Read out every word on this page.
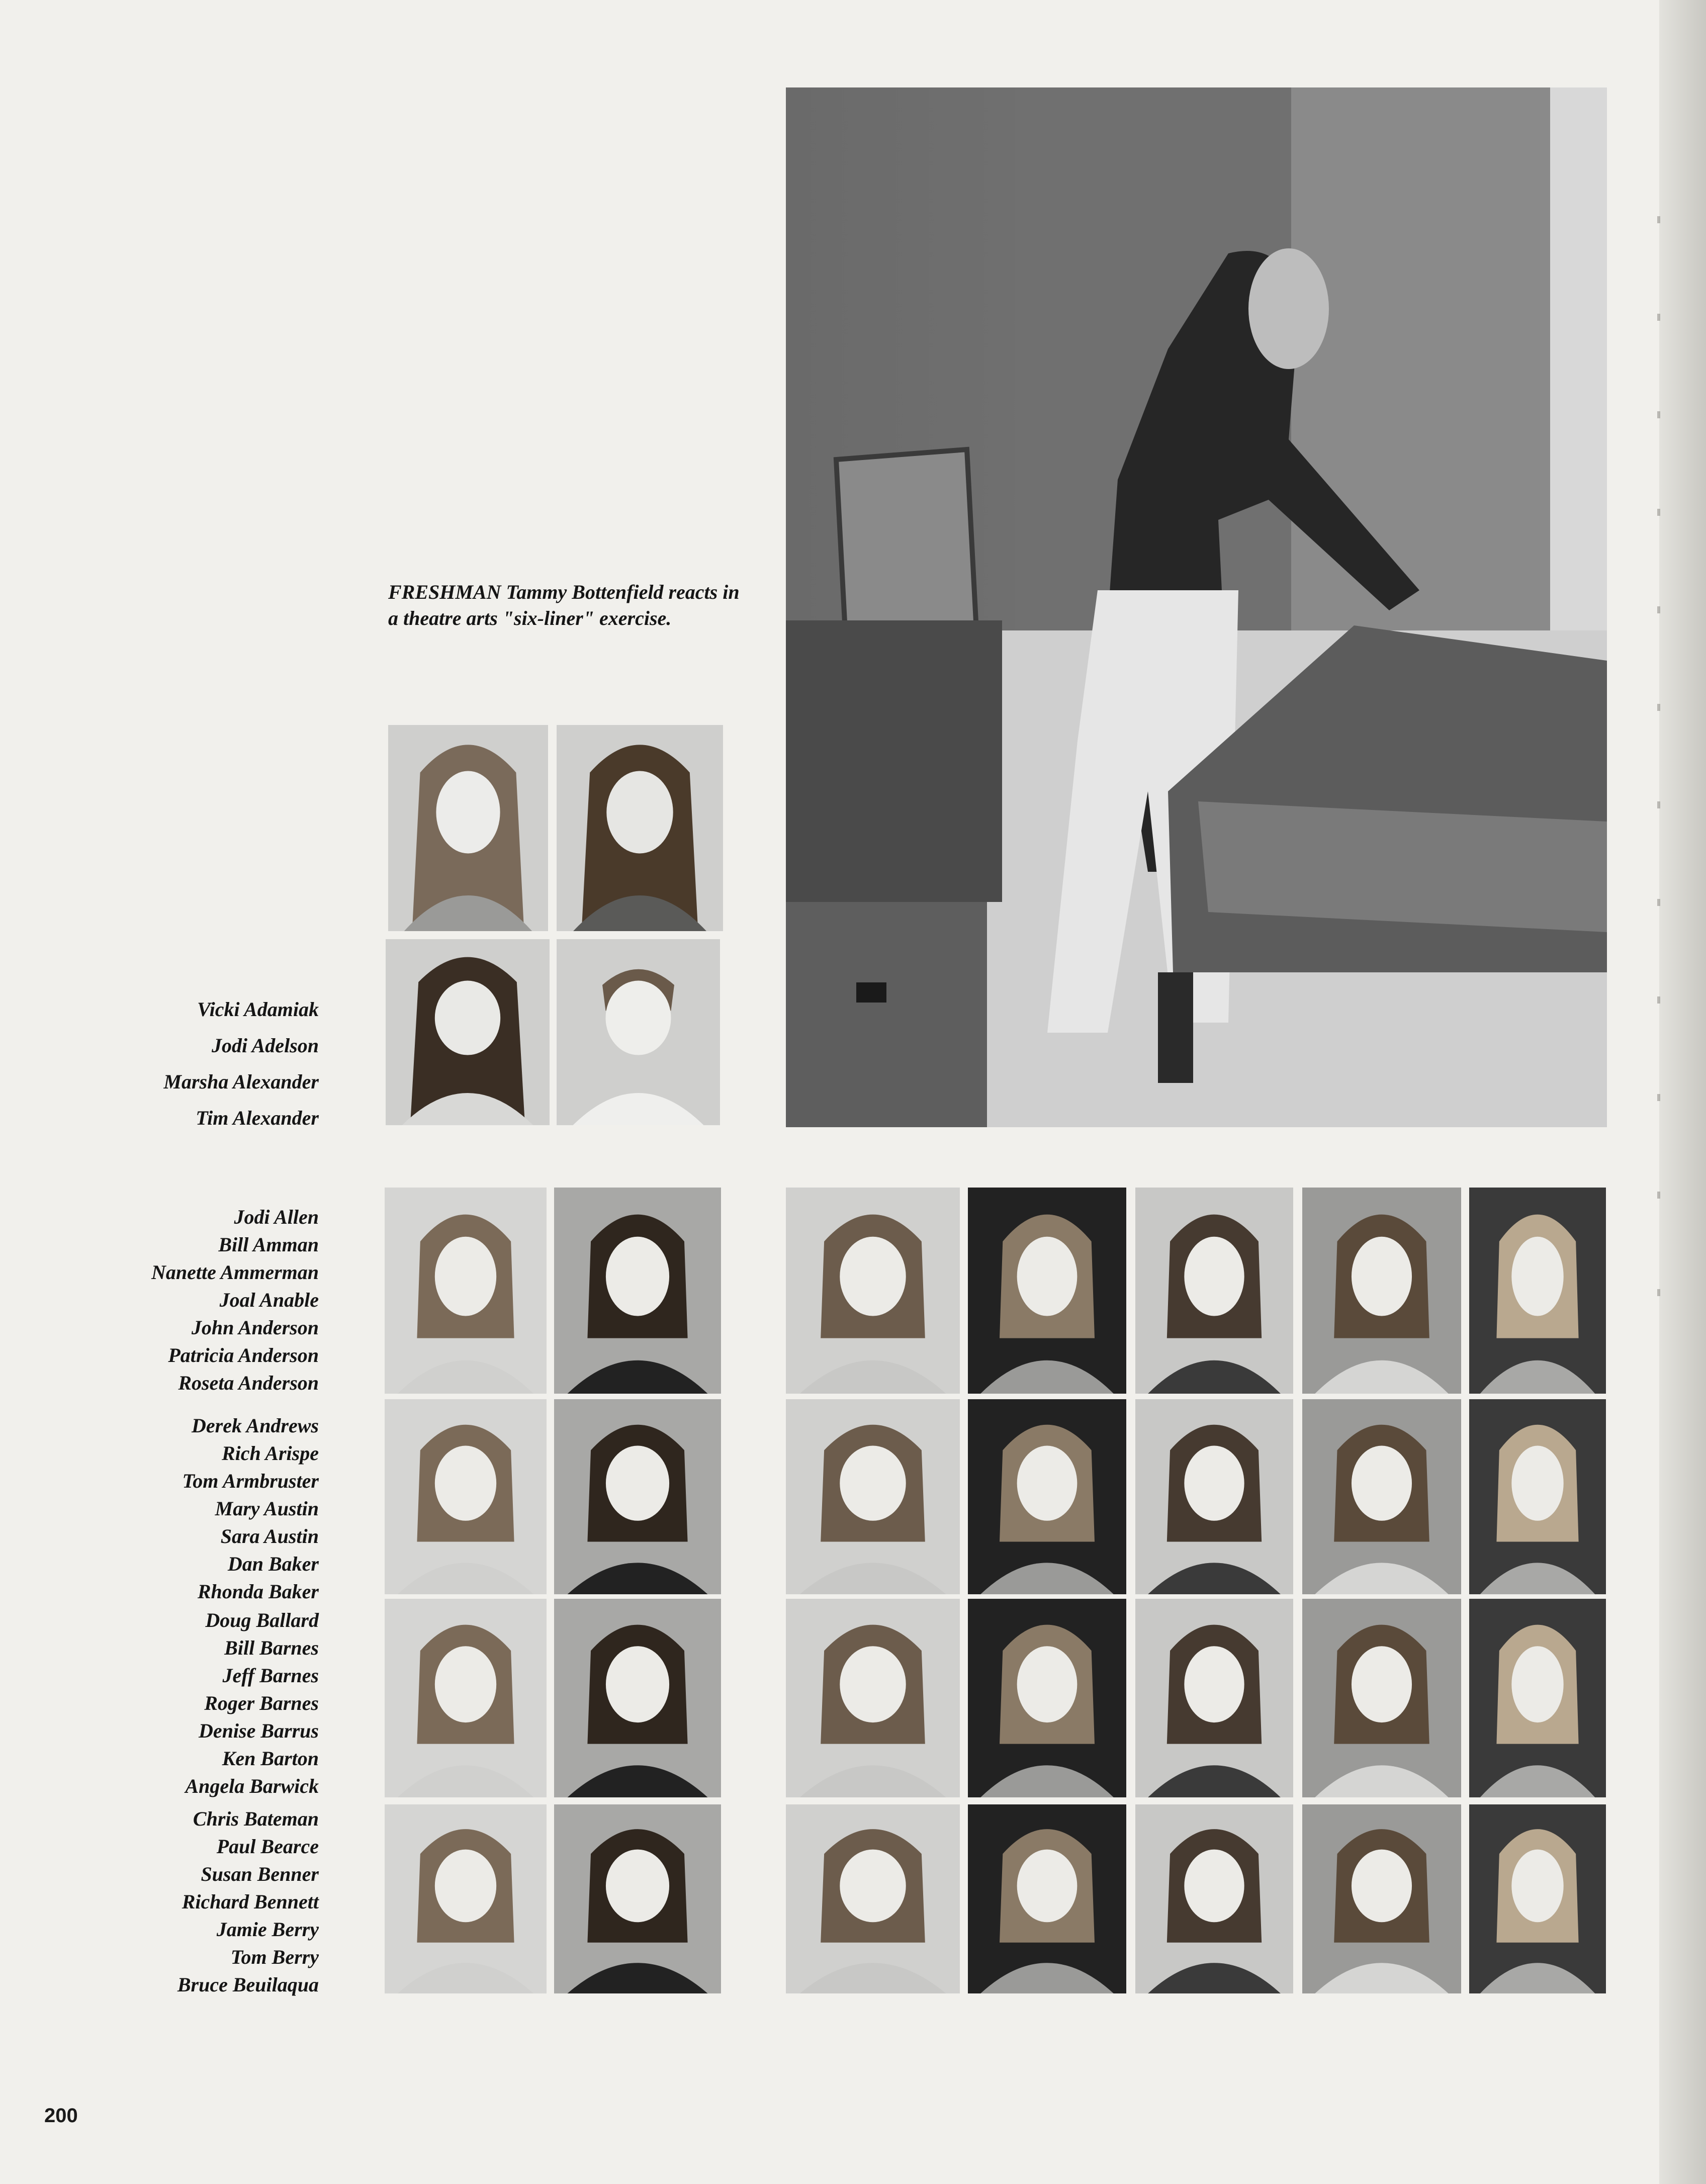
FRESHMAN Tammy Bottenfield reacts in a theatre arts "six-liner" exercise.
Vicki Adamiak
Jodi Adelson
Marsha Alexander
Tim Alexander
Jodi Allen
Bill Amman
Nanette Ammerman
Joal Anable
John Anderson
Patricia Anderson
Roseta Anderson
Derek Andrews
Rich Arispe
Tom Armbruster
Mary Austin
Sara Austin
Dan Baker
Rhonda Baker
Doug Ballard
Bill Barnes
Jeff Barnes
Roger Barnes
Denise Barrus
Ken Barton
Angela Barwick
Chris Bateman
Paul Bearce
Susan Benner
Richard Bennett
Jamie Berry
Tom Berry
Bruce Beuilaqua
200
